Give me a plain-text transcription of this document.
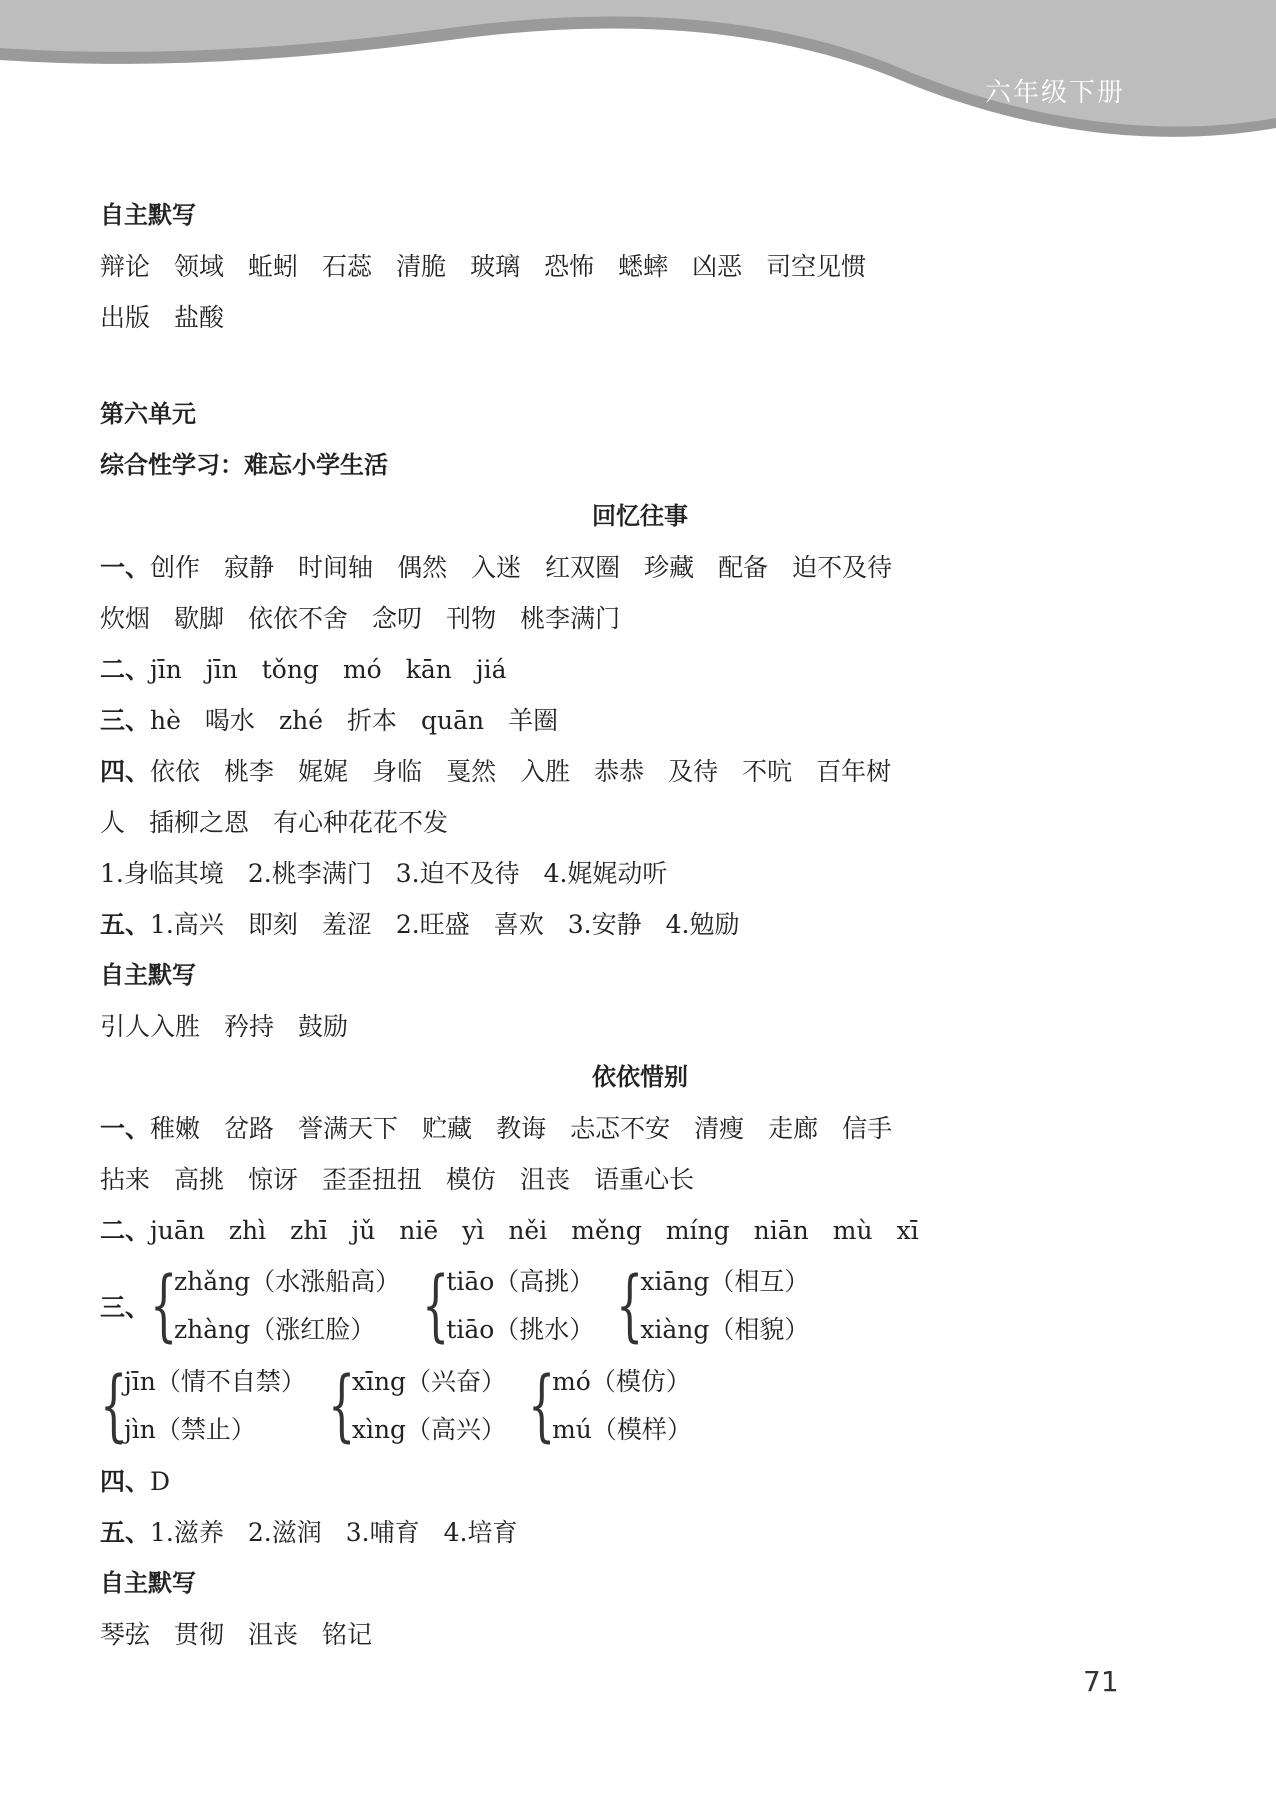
六年级下册
自主默写
辩论 领域 蚯蚓 石蕊 清脆 玻璃 恐怖 蟋蟀 凶恶 司空见惯
出版 盐酸
第六单元
综合性学习：难忘小学生活
回忆往事
一、创作 寂静 时间轴 偶然 入迷 红双圈 珍藏 配备 迫不及待
炊烟 歇脚 依依不舍 念叨 刊物 桃李满门
二、jīn jīn tǒng mó kān jiá
三、hè 喝水 zhé 折本 quān 羊圈
四、依依 桃李 娓娓 身临 戛然 入胜 恭恭 及待 不吭 百年树
人 插柳之恩 有心种花花不发
1.身临其境 2.桃李满门 3.迫不及待 4.娓娓动听
五、1.高兴 即刻 羞涩 2.旺盛 喜欢 3.安静 4.勉励
自主默写
引人入胜 矜持 鼓励
依依惜别
一、稚嫩 岔路 誉满天下 贮藏 教诲 忐忑不安 清瘦 走廊 信手
拈来 高挑 惊讶 歪歪扭扭 模仿 沮丧 语重心长
二、juān zhì zhī jǔ niē yì něi měng míng niān mù xī
三、 {
zhǎng（水涨船高）
zhàng（涨红脸） {
tiāo（高挑）
tiāo（挑水） {
xiāng（相互）
xiàng（相貌）
{
jīn（情不自禁）
jìn（禁止） {
xīng（兴奋）
xìng（高兴） {
mó（模仿）
mú（模样）
四、D
五、1.滋养 2.滋润 3.哺育 4.培育
自主默写
琴弦 贯彻 沮丧 铭记
71
